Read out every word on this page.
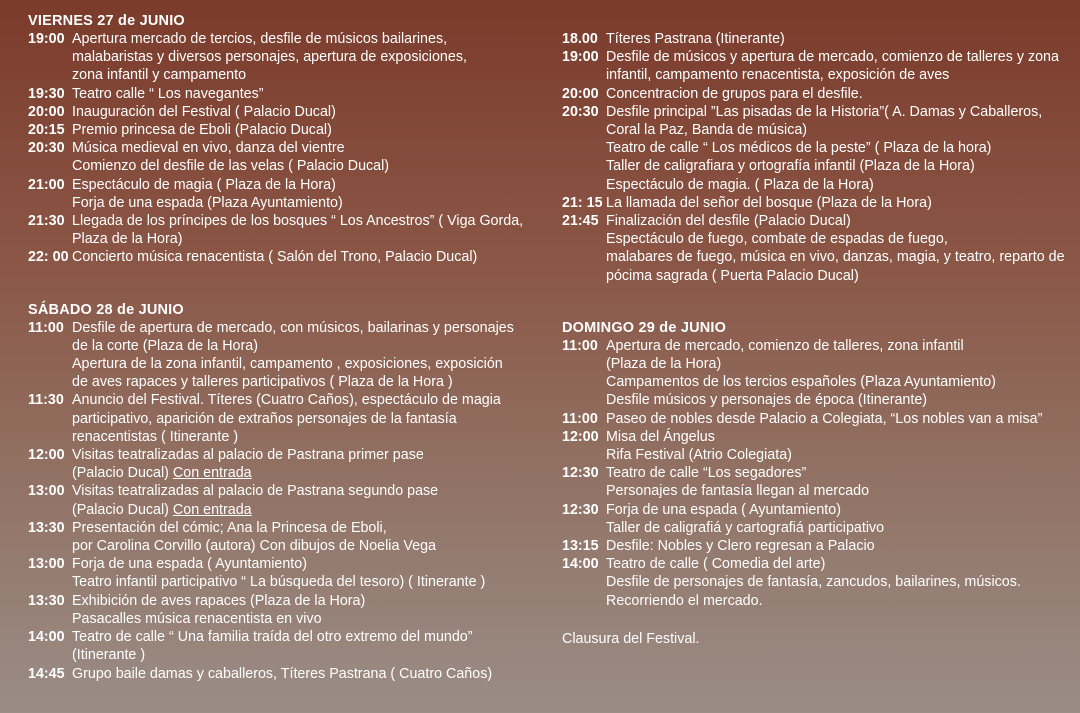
VIERNES 27 de JUNIO
19:00 Apertura mercado de tercios, desfile de músicos bailarines,
malabaristas y diversos personajes, apertura de exposiciones,
zona infantil y campamento
19:30 Teatro calle “ Los navegantes”
20:00 Inauguración del Festival ( Palacio Ducal)
20:15 Premio princesa de Eboli (Palacio Ducal)
20:30 Música medieval en vivo, danza del vientre
Comienzo del desfile de las velas ( Palacio Ducal)
21:00 Espectáculo de magia ( Plaza de la Hora)
Forja de una espada (Plaza Ayuntamiento)
21:30 Llegada de los príncipes de los bosques “ Los Ancestros” ( Viga Gorda,
Plaza de la Hora)
22: 00 Concierto música renacentista ( Salón del Trono, Palacio Ducal)
SÁBADO 28 de JUNIO
11:00 Desfile de apertura de mercado, con músicos, bailarinas y personajes
de la corte (Plaza de la Hora)
Apertura de la zona infantil, campamento , exposiciones, exposición
de aves rapaces y talleres participativos ( Plaza de la Hora )
11:30 Anuncio del Festival. Títeres (Cuatro Caños), espectáculo de magia
participativo, aparición de extraños personajes de la fantasía
renacentistas ( Itinerante )
12:00 Visitas teatralizadas al palacio de Pastrana primer pase
(Palacio Ducal) Con entrada
13:00 Visitas teatralizadas al palacio de Pastrana segundo pase
(Palacio Ducal) Con entrada
13:30 Presentación del cómic; Ana la Princesa de Eboli,
por Carolina Corvillo (autora) Con dibujos de Noelia Vega
13:00 Forja de una espada ( Ayuntamiento)
Teatro infantil participativo “ La búsqueda del tesoro) ( Itinerante )
13:30 Exhibición de aves rapaces (Plaza de la Hora)
Pasacalles música renacentista en vivo
14:00 Teatro de calle “ Una familia traída del otro extremo del mundo”
(Itinerante )
14:45 Grupo baile damas y caballeros, Títeres Pastrana ( Cuatro Caños)
18.00 Títeres Pastrana (Itinerante)
19:00 Desfile de músicos y apertura de mercado, comienzo de talleres y zona
infantil, campamento renacentista, exposición de aves
20:00 Concentracion de grupos para el desfile.
20:30 Desfile principal ”Las pisadas de la Historia”( A. Damas y Caballeros,
Coral la Paz, Banda de música)
Teatro de calle “ Los médicos de la peste” ( Plaza de la hora)
Taller de caligrafiara y ortografía infantil (Plaza de la Hora)
Espectáculo de magia. ( Plaza de la Hora)
21: 15 La llamada del señor del bosque (Plaza de la Hora)
21:45 Finalización del desfile (Palacio Ducal)
Espectáculo de fuego, combate de espadas de fuego,
malabares de fuego, música en vivo, danzas, magia, y teatro, reparto de
pócima sagrada ( Puerta Palacio Ducal)
DOMINGO 29 de JUNIO
11:00 Apertura de mercado, comienzo de talleres, zona infantil
(Plaza de la Hora)
Campamentos de los tercios españoles (Plaza Ayuntamiento)
Desfile músicos y personajes de época (Itinerante)
11:00 Paseo de nobles desde Palacio a Colegiata, “Los nobles van a misa”
12:00 Misa del Ángelus
Rifa Festival (Atrio Colegiata)
12:30 Teatro de calle “Los segadores”
Personajes de fantasía llegan al mercado
12:30 Forja de una espada ( Ayuntamiento)
Taller de caligrafiá y cartografiá participativo
13:15 Desfile: Nobles y Clero regresan a Palacio
14:00 Teatro de calle ( Comedia del arte)
Desfile de personajes de fantasía, zancudos, bailarines, músicos.
Recorriendo el mercado.
Clausura del Festival.
